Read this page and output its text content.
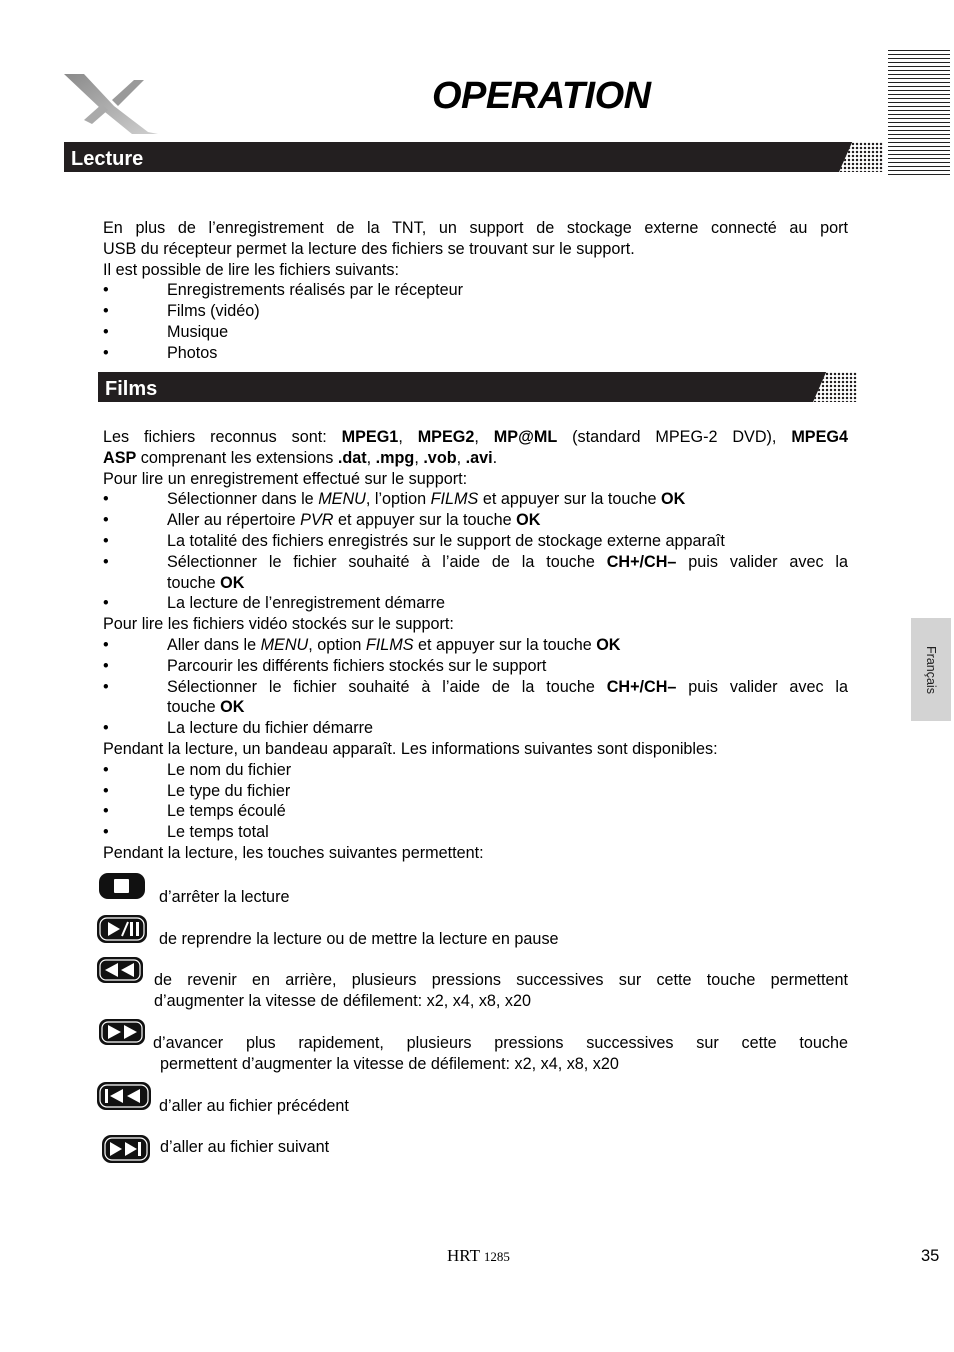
OPERATION
Lecture
En plus de l’enregistrement de la TNT, un support de stockage externe connecté au port
USB du récepteur permet la lecture des fichiers se trouvant sur le support.
Il est possible de lire les fichiers suivants:
• Enregistrements réalisés par le récepteur
• Films (vidéo)
• Musique
• Photos
Films
Les fichiers reconnus sont: MPEG1, MPEG2, MP@ML (standard MPEG-2 DVD), MPEG4
ASP comprenant les extensions .dat, .mpg, .vob, .avi.
Pour lire un enregistrement effectué sur le support:
• Sélectionner dans le MENU, l’option FILMS et appuyer sur la touche OK
• Aller au répertoire PVR et appuyer sur la touche OK
• La totalité des fichiers enregistrés sur le support de stockage externe apparaît
• Sélectionner le fichier souhaité à l’aide de la touche CH+/CH– puis valider avec la
touche OK
• La lecture de l’enregistrement démarre
Pour lire les fichiers vidéo stockés sur le support:
• Aller dans le MENU, option FILMS et appuyer sur la touche OK
• Parcourir les différents fichiers stockés sur le support
• Sélectionner le fichier souhaité à l’aide de la touche CH+/CH– puis valider avec la
touche OK
• La lecture du fichier démarre
Pendant la lecture, un bandeau apparaît. Les informations suivantes sont disponibles:
• Le nom du fichier
• Le type du fichier
• Le temps écoulé
• Le temps total
Pendant la lecture, les touches suivantes permettent:
d’arrêter la lecture
de reprendre la lecture ou de mettre la lecture en pause
de revenir en arrière, plusieurs pressions successives sur cette touche permettent
d’augmenter la vitesse de défilement: x2, x4, x8, x20
d’avancer plus rapidement, plusieurs pressions successives sur cette touche
permettent d’augmenter la vitesse de défilement: x2, x4, x8, x20
d’aller au fichier précédent
d’aller au fichier suivant
Français
HRT 1285	35
